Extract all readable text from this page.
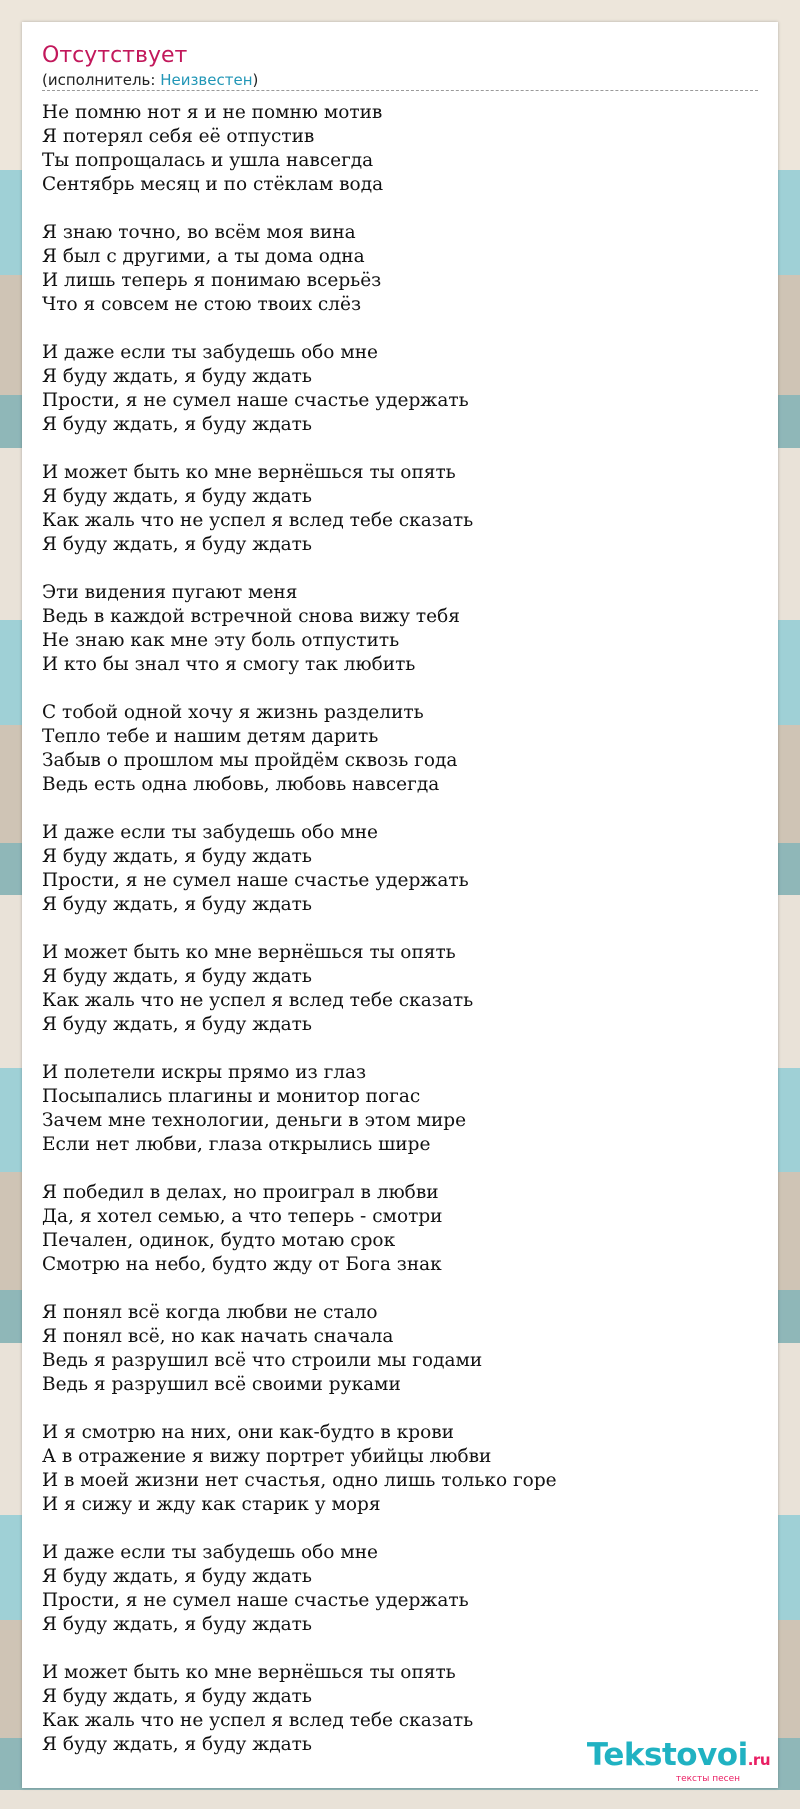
Отсутствует
(исполнитель: Неизвестен)
Не помню нот я и не помню мотив
Я потерял себя её отпустив
Ты попрощалась и ушла навсегда
Сентябрь месяц и по стёклам вода
Я знаю точно, во всём моя вина
Я был с другими, а ты дома одна
И лишь теперь я понимаю всерьёз
Что я совсем не стою твоих слёз
И даже если ты забудешь обо мне
Я буду ждать, я буду ждать
Прости, я не сумел наше счастье удержать
Я буду ждать, я буду ждать
И может быть ко мне вернёшься ты опять
Я буду ждать, я буду ждать
Как жаль что не успел я вслед тебе сказать
Я буду ждать, я буду ждать
Эти видения пугают меня
Ведь в каждой встречной снова вижу тебя
Не знаю как мне эту боль отпустить
И кто бы знал что я смогу так любить
С тобой одной хочу я жизнь разделить
Тепло тебе и нашим детям дарить
Забыв о прошлом мы пройдём сквозь года
Ведь есть одна любовь, любовь навсегда
И даже если ты забудешь обо мне
Я буду ждать, я буду ждать
Прости, я не сумел наше счастье удержать
Я буду ждать, я буду ждать
И может быть ко мне вернёшься ты опять
Я буду ждать, я буду ждать
Как жаль что не успел я вслед тебе сказать
Я буду ждать, я буду ждать
И полетели искры прямо из глаз
Посыпались плагины и монитор погас
Зачем мне технологии, деньги в этом мире
Если нет любви, глаза открылись шире
Я победил в делах, но проиграл в любви
Да, я хотел семью, а что теперь - смотри
Печален, одинок, будто мотаю срок
Смотрю на небо, будто жду от Бога знак
Я понял всё когда любви не стало
Я понял всё, но как начать сначала
Ведь я разрушил всё что строили мы годами
Ведь я разрушил всё своими руками
И я смотрю на них, они как-будто в крови
А в отражение я вижу портрет убийцы любви
И в моей жизни нет счастья, одно лишь только горе
И я сижу и жду как старик у моря
И даже если ты забудешь обо мне
Я буду ждать, я буду ждать
Прости, я не сумел наше счастье удержать
Я буду ждать, я буду ждать
И может быть ко мне вернёшься ты опять
Я буду ждать, я буду ждать
Как жаль что не успел я вслед тебе сказать
Я буду ждать, я буду ждать	Tekstovoi.ru
тексты песен
